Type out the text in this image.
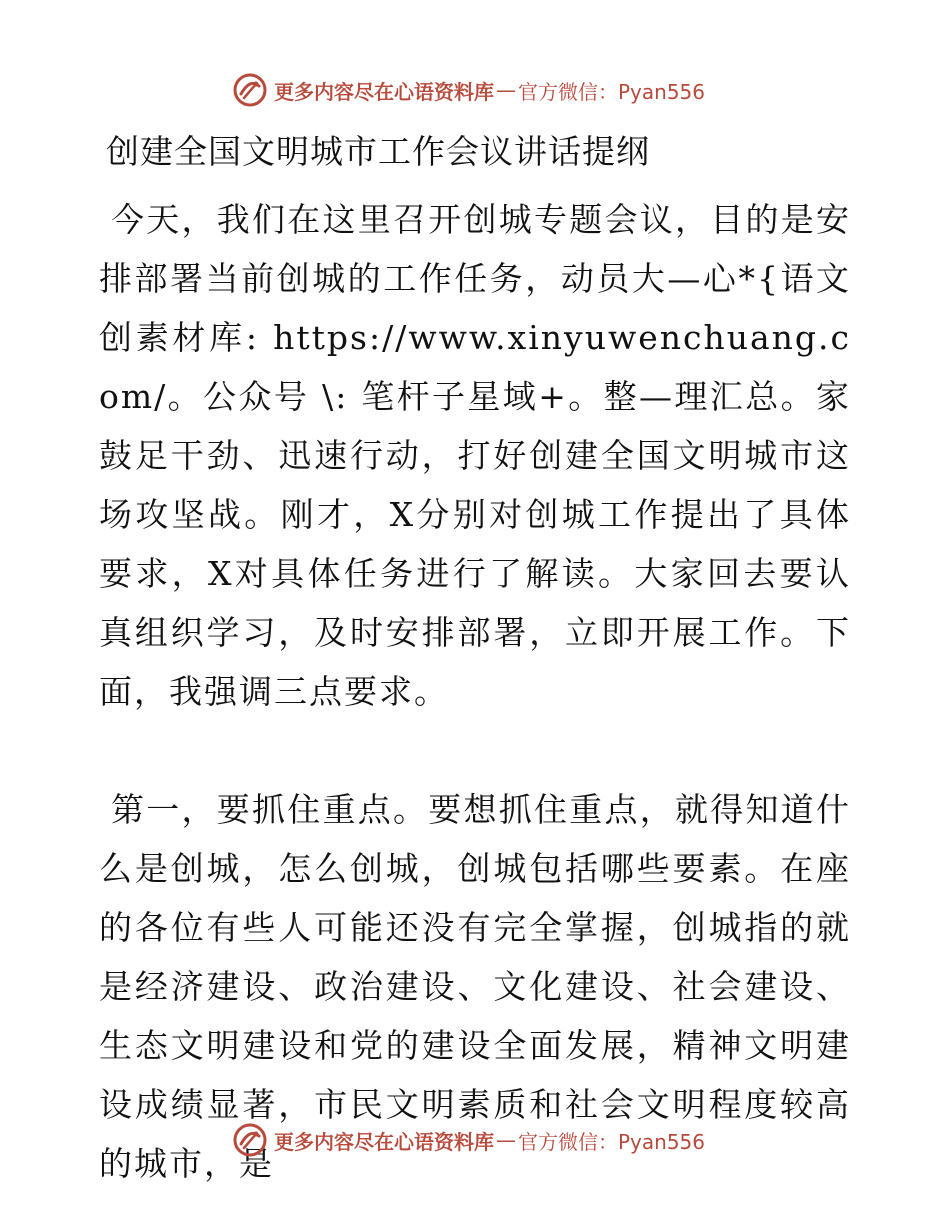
更多内容尽在心语资料库 — 官方微信：Pyan556
创建全国文明城市工作会议讲话提纲

今天，我们在这里召开创城专题会议，目的是安排部署当前创城的工作任务，动员大—心*{语文创素材库: https://www.xinyuwenchuang.com/。公众号 \: 笔杆子星域+。整—理汇总。家鼓足干劲、迅速行动，打好创建全国文明城市这场攻坚战。刚才，X分别对创城工作提出了具体要求，X对具体任务进行了解读。大家回去要认真组织学习，及时安排部署，立即开展工作。下面，我强调三点要求。

第一，要抓住重点。要想抓住重点，就得知道什么是创城，怎么创城，创城包括哪些要素。在座的各位有些人可能还没有完全掌握，创城指的就是经济建设、政治建设、文化建设、社会建设、生态文明建设和党的建设全面发展，精神文明建设成绩显著，市民文明素质和社会文明程度较高的城市，是

更多内容尽在心语资料库 — 官方微信：Pyan556
